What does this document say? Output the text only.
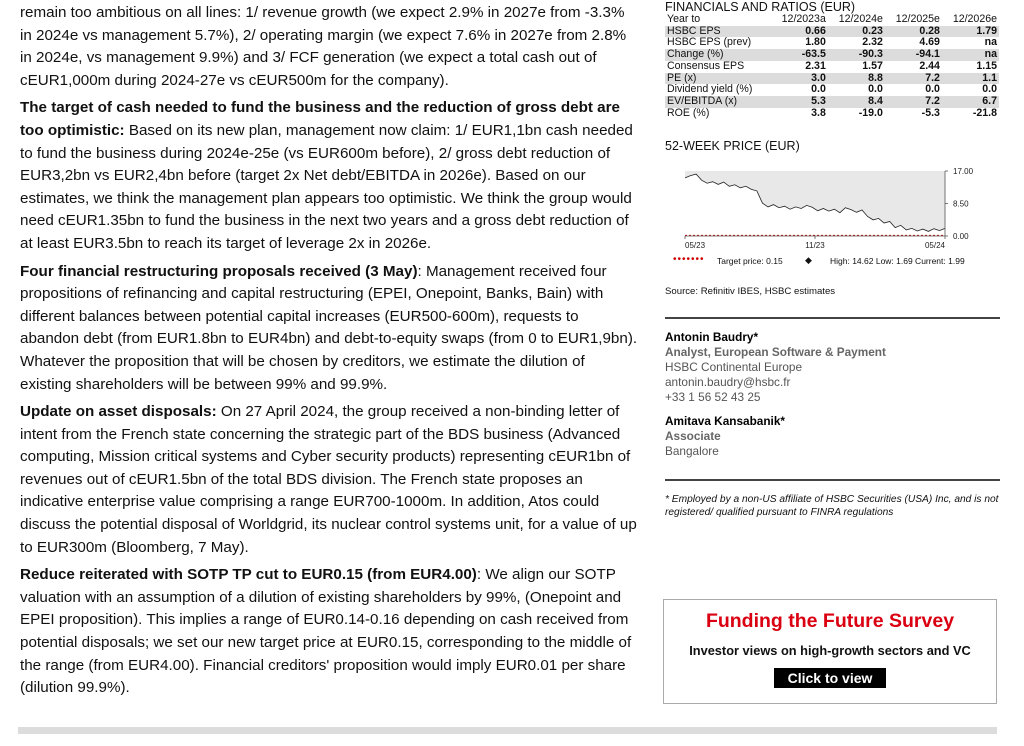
remain too ambitious on all lines: 1/ revenue growth (we expect 2.9% in 2027e from -3.3% in 2024e vs management 5.7%), 2/ operating margin (we expect 7.6% in 2027e from 2.8% in 2024e, vs management 9.9%) and 3/ FCF generation (we expect a total cash out of cEUR1,000m during 2024-27e vs cEUR500m for the company).

The target of cash needed to fund the business and the reduction of gross debt are too optimistic: Based on its new plan, management now claim: 1/ EUR1,1bn cash needed to fund the business during 2024e-25e (vs EUR600m before), 2/ gross debt reduction of EUR3,2bn vs EUR2,4bn before (target 2x Net debt/EBITDA in 2026e). Based on our estimates, we think the management plan appears too optimistic. We think the group would need cEUR1.35bn to fund the business in the next two years and a gross debt reduction of at least EUR3.5bn to reach its target of leverage 2x in 2026e.

Four financial restructuring proposals received (3 May): Management received four propositions of refinancing and capital restructuring (EPEI, Onepoint, Banks, Bain) with different balances between potential capital increases (EUR500-600m), requests to abandon debt (from EUR1.8bn to EUR4bn) and debt-to-equity swaps (from 0 to EUR1,9bn). Whatever the proposition that will be chosen by creditors, we estimate the dilution of existing shareholders will be between 99% and 99.9%.

Update on asset disposals: On 27 April 2024, the group received a non-binding letter of intent from the French state concerning the strategic part of the BDS business (Advanced computing, Mission critical systems and Cyber security products) representing cEUR1bn of revenues out of cEUR1.5bn of the total BDS division. The French state proposes an indicative enterprise value comprising a range EUR700-1000m. In addition, Atos could discuss the potential disposal of Worldgrid, its nuclear control systems unit, for a value of up to EUR300m (Bloomberg, 7 May).

Reduce reiterated with SOTP TP cut to EUR0.15 (from EUR4.00): We align our SOTP valuation with an assumption of a dilution of existing shareholders by 99%, (Onepoint and EPEI proposition). This implies a range of EUR0.14-0.16 depending on cash received from potential disposals; we set our new target price at EUR0.15, corresponding to the middle of the range (from EUR4.00). Financial creditors' proposition would imply EUR0.01 per share (dilution 99.9%).

FINANCIALS AND RATIOS (EUR)
Year to	12/2023a	12/2024e	12/2025e	12/2026e
HSBC EPS	0.66	0.23	0.28	1.79
HSBC EPS (prev)	1.80	2.32	4.69	na
Change (%)	-63.5	-90.3	-94.1	na
Consensus EPS	2.31	1.57	2.44	1.15
PE (x)	3.0	8.8	7.2	1.1
Dividend yield (%)	0.0	0.0	0.0	0.0
EV/EBITDA (x)	5.3	8.4	7.2	6.7
ROE (%)	3.8	-19.0	-5.3	-21.8
52-WEEK PRICE (EUR)
17.00
8.50
0.00
05/23	11/23	05/24
••••••• Target price: 0.15 ◆ High: 14.62 Low: 1.69 Current: 1.99
Source: Refinitiv IBES, HSBC estimates
Antonin Baudry*
Analyst, European Software & Payment
HSBC Continental Europe
antonin.baudry@hsbc.fr
+33 1 56 52 43 25
Amitava Kansabanik*
Associate
Bangalore
* Employed by a non-US affiliate of HSBC Securities (USA) Inc, and is not registered/ qualified pursuant to FINRA regulations
Funding the Future Survey
Investor views on high-growth sectors and VC
Click to view
